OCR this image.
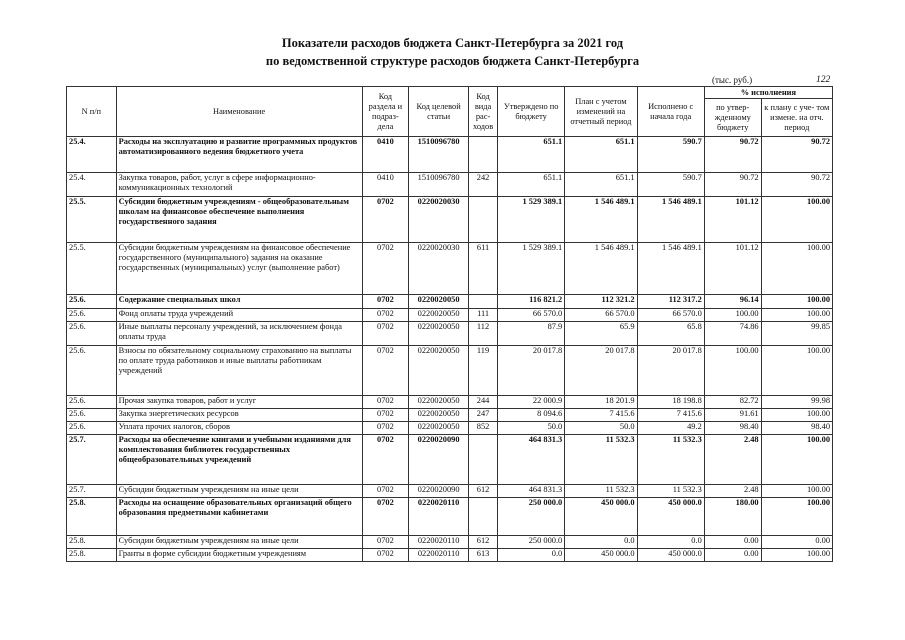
Показатели расходов бюджета Санкт-Петербурга за 2021 год
по ведомственной структуре расходов бюджета Санкт-Петербурга
(тыс. руб.)	122
N п/п	Наименование	Код раздела и подраз- дела	Код целевой статьи	Код вида рас- ходов	Утверждено по бюджету	План с учетом изменений на отчетный период	Исполнено с начала года	% исполнения	
								по утвер- жденному бюджету	к плану с уче- том измене. на отч. период
25.4.	Расходы на эксплуатацию и развитие программных продуктов автоматизированного ведения бюджетного учета	0410	1510096780		651.1	651.1	590.7	90.72	90.72
25.4.	Закупка товаров, работ, услуг в сфере информационно-коммуникационных технологий	0410	1510096780	242	651.1	651.1	590.7	90.72	90.72
25.5.	Субсидии бюджетным учреждениям - общеобразовательным школам на финансовое обеспечение выполнения государственного задания	0702	0220020030		1 529 389.1	1 546 489.1	1 546 489.1	101.12	100.00
25.5.	Субсидии бюджетным учреждениям на финансовое обеспечение государственного (муниципального) задания на оказание государственных (муниципальных) услуг (выполнение работ)	0702	0220020030	611	1 529 389.1	1 546 489.1	1 546 489.1	101.12	100.00
25.6.	Содержание специальных школ	0702	0220020050		116 821.2	112 321.2	112 317.2	96.14	100.00
25.6.	Фонд оплаты труда учреждений	0702	0220020050	111	66 570.0	66 570.0	66 570.0	100.00	100.00
25.6.	Иные выплаты персоналу учреждений, за исключением фонда оплаты труда	0702	0220020050	112	87.9	65.9	65.8	74.86	99.85
25.6.	Взносы по обязательному социальному страхованию на выплаты по оплате труда работников и иные выплаты работникам учреждений	0702	0220020050	119	20 017.8	20 017.8	20 017.8	100.00	100.00
25.6.	Прочая закупка товаров, работ и услуг	0702	0220020050	244	22 000.9	18 201.9	18 198.8	82.72	99.98
25.6.	Закупка энергетических ресурсов	0702	0220020050	247	8 094.6	7 415.6	7 415.6	91.61	100.00
25.6.	Уплата прочих налогов, сборов	0702	0220020050	852	50.0	50.0	49.2	98.40	98.40
25.7.	Расходы на обеспечение книгами и учебными изданиями для комплектования библиотек государственных общеобразовательных учреждений	0702	0220020090		464 831.3	11 532.3	11 532.3	2.48	100.00
25.7.	Субсидии бюджетным учреждениям на иные цели	0702	0220020090	612	464 831.3	11 532.3	11 532.3	2.48	100.00
25.8.	Расходы на оснащение образовательных организаций общего образования предметными кабинетами	0702	0220020110		250 000.0	450 000.0	450 000.0	180.00	100.00
25.8.	Субсидии бюджетным учреждениям на иные цели	0702	0220020110	612	250 000.0	0.0	0.0	0.00	0.00
25.8.	Гранты в форме субсидии бюджетным учреждениям	0702	0220020110	613	0.0	450 000.0	450 000.0	0.00	100.00
